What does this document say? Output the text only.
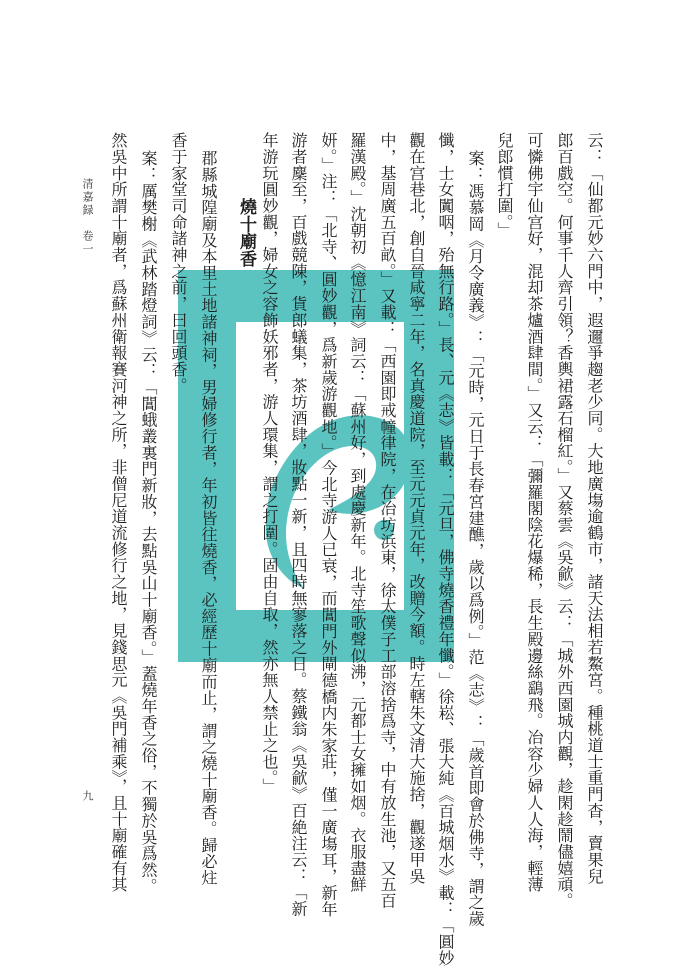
云：「仙都元妙六門中，遐邇爭趨老少同。大地廣塲逾鶴市，諸天法相若鰲宮。種桃道士重門杳，賣果兒
郎百戲空。何事千人齊引領？香輿裙露石榴紅。」又蔡雲《吳歈》云：「城外西園城内觀，趁閑趁鬧儘嬉頑。
可憐佛宇仙宫好，混却茶爐酒肆間。」又云：「彌羅閣陰花爆稀，長生殿邊絲鷂飛。冶容少婦人人海，輕薄
兒郎慣打圍。」
案：馮慕岡《月令廣義》：「元時，元日于長春宮建醮，歲以爲例。」范《志》：「歲首即會於佛寺，謂之歲
懺，士女闐咽，殆無行路。」長、元《志》皆載：「元旦，佛寺燒香禮年懺。」徐崧、張大純《百城烟水》載：「圓妙
觀在宫巷北，創自晉咸寧二年，名真慶道院，至元元貞元年，改贈今額。時左轄朱文清大施捨，觀遂甲吳
中，基周廣五百畝。」又載：「西園即戒幢律院，在冶坊浜東，徐太僕子工部溶捨爲寺，中有放生池，又五百
羅漢殿。」沈朝初《憶江南》詞云：「蘇州好，到處慶新年。北寺笙歌聲似沸，元都士女擁如烟。衣服盡鮮
妍。」注：「北寺、圓妙觀，爲新歲游觀地。」今北寺游人已衰，而閶門外閘德橋内朱家莊，僅一廣塲耳，新年
游者麇至，百戲競陳，貨郎蟻集，茶坊酒肆，妝點一新，且四時無寥落之日。蔡鐵翁《吳歈》百絶注云：「新
年游玩圓妙觀，婦女之容飾妖邪者，游人環集，謂之打圍。固由自取，然亦無人禁止之也。」
郡縣城隍廟及本里土地諸神祠，男婦修行者，年初皆往燒香，必經歷十廟而止，謂之燒十廟香。歸必炷
香于家堂司命諸神之前，曰回頭香。
案：厲樊榭《武林踏燈詞》云：「閶蛾叢裏門新妝，去點吳山十廟香。」蓋燒年香之俗，不獨於吳爲然。
然吳中所謂十廟者，爲蘇州衛報賽河神之所，非僧尼道流修行之地，見錢思元《吳門補乘》，且十廟確有其
清嘉録　卷一
九
燒十廟香
